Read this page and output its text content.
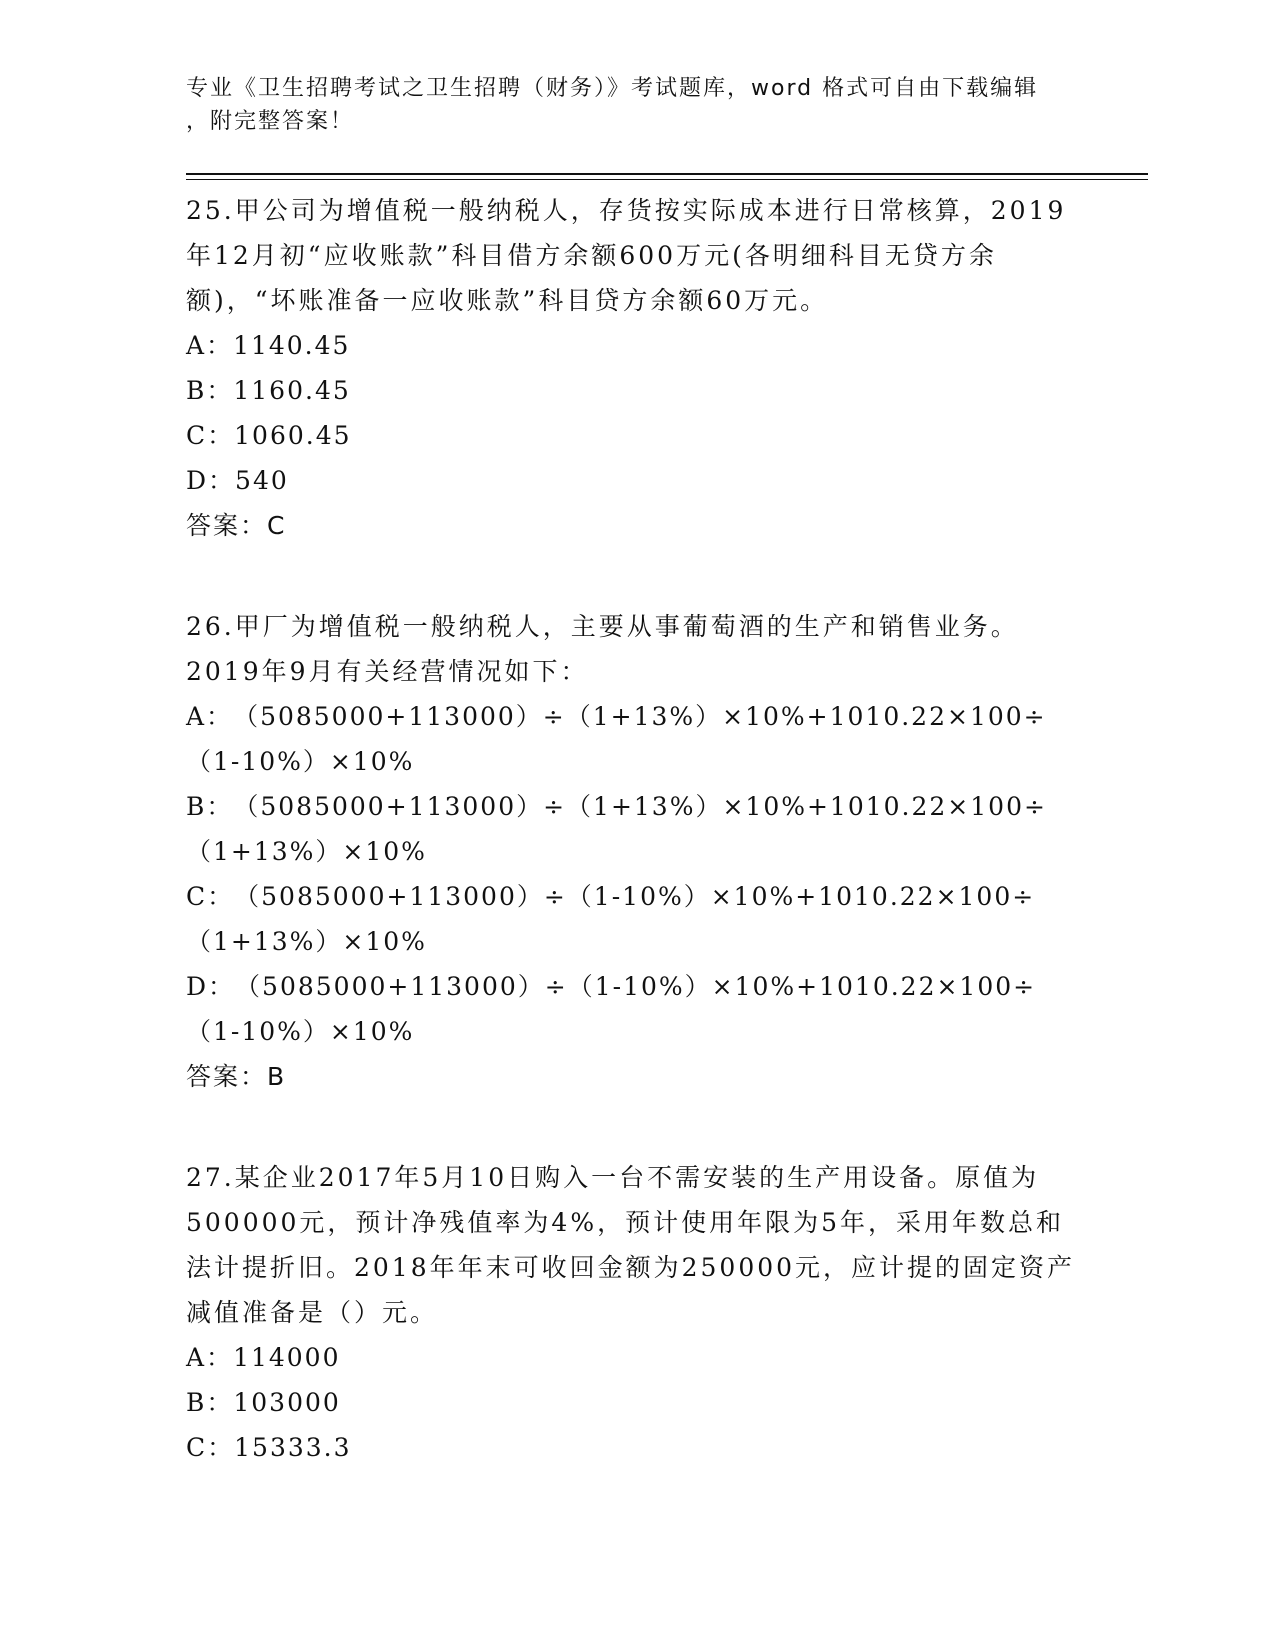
专业《卫生招聘考试之卫生招聘（财务）》考试题库，word 格式可自由下载编辑
，附完整答案！

25.甲公司为增值税一般纳税人，存货按实际成本进行日常核算，2019年12月初“应收账款”科目借方余额600万元(各明细科目无贷方余额)，“坏账准备一应收账款”科目贷方余额60万元。

A：1140.45

B：1160.45

C：1060.45

D：540

答案：C

26.甲厂为增值税一般纳税人，主要从事葡萄酒的生产和销售业务。2019年9月有关经营情况如下：

A：（5085000+113000）÷（1+13%）×10%+1010.22×100÷（1-10%）×10%

B：（5085000+113000）÷（1+13%）×10%+1010.22×100÷（1+13%）×10%

C：（5085000+113000）÷（1-10%）×10%+1010.22×100÷（1+13%）×10%

D：（5085000+113000）÷（1-10%）×10%+1010.22×100÷（1-10%）×10%

答案：B

27.某企业2017年5月10日购入一台不需安装的生产用设备。原值为500000元，预计净残值率为4%，预计使用年限为5年，采用年数总和法计提折旧。2018年年末可收回金额为250000元，应计提的固定资产减值准备是（）元。

A：114000

B：103000

C：15333.3
